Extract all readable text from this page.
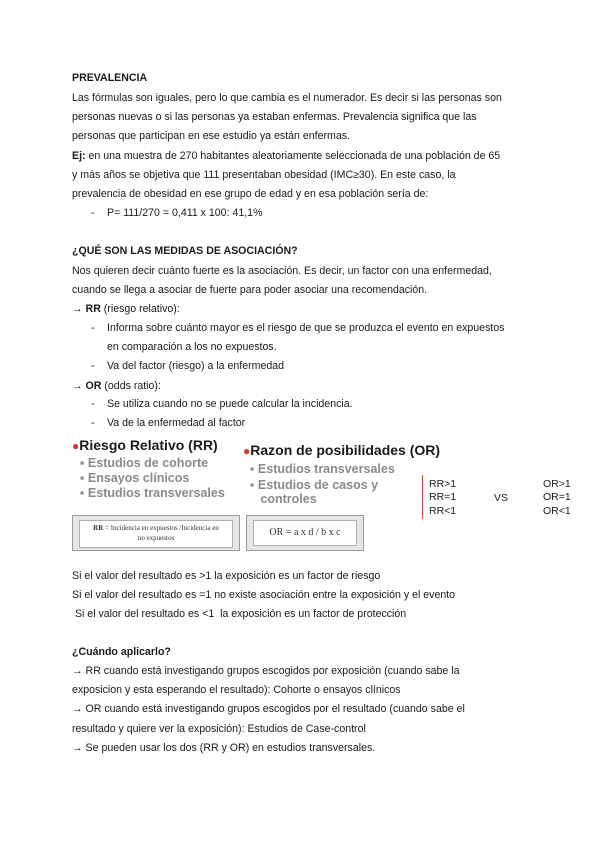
PREVALENCIA
Las fórmulas son iguales, pero lo que cambia es el numerador. Es decir si las personas son
personas nuevas o si las personas ya estaban enfermas. Prevalencia significa que las
personas que participan en ese estudio ya están enfermas.
Ej: en una muestra de 270 habitantes aleatoriamente seleccionada de una población de 65
y más años se objetiva que 111 presentaban obesidad (IMC≥30). En este caso, la
prevalencia de obesidad en ese grupo de edad y en esa población sería de:
- P= 111/270 = 0,411 x 100: 41,1%
¿QUÉ SON LAS MEDIDAS DE ASOCIACIÓN?
Nos quieren decir cuánto fuerte es la asociación. Es decir, un factor con una enfermedad,
cuando se llega a asociar de fuerte para poder asociar una recomendación.
→ RR (riesgo relativo):
- Informa sobre cuánto mayor es el riesgo de que se produzca el evento en expuestos
en comparación a los no expuestos.
- Va del factor (riesgo) a la enfermedad
→ OR (odds ratio):
- Se utiliza cuando no se puede calcular la incidencia.
- Va de la enfermedad al factor
●Riesgo Relativo (RR)
▪ Estudios de cohorte
▪ Ensayos clínicos
▪ Estudios transversales
●Razon de posibilidades (OR)
▪ Estudios transversales
▪ Estudios de casos y
controles
RR = Incidencia en expuestos /Incidencia en
no expuestos	OR = a x d / b x c
RR>1
RR=1
RR<1
VS
OR>1
OR=1
OR<1
Si el valor del resultado es >1 la exposición es un factor de riesgo
Si el valor del resultado es =1 no existe asociación entre la exposición y el evento
Si el valor del resultado es <1  la exposición es un factor de protección
¿Cuándo aplicarlo?
→ RR cuando está investigando grupos escogidos por exposición (cuando sabe la
exposicion y esta esperando el resultado): Cohorte o ensayos clínicos
→ OR cuando está investigando grupos escogidos por el resultado (cuando sabe el
resultado y quiere ver la exposición): Estudios de Case-control
→ Se pueden usar los dos (RR y OR) en estudios transversales.
